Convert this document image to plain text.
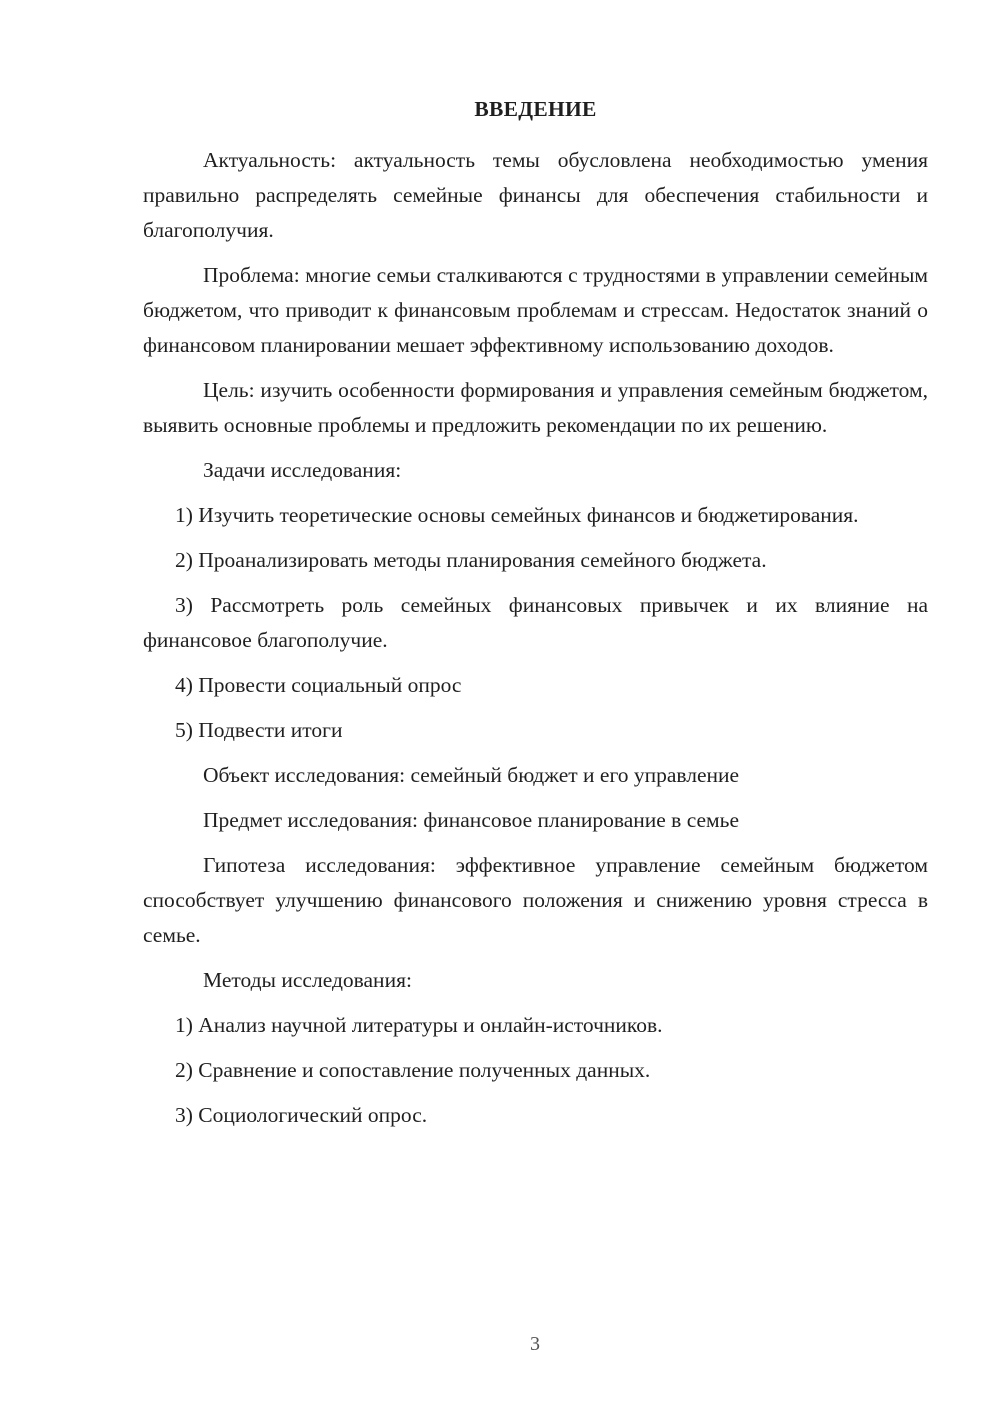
ВВЕДЕНИЕ

Актуальность: актуальность темы обусловлена необходимостью умения правильно распределять семейные финансы для обеспечения стабильности и благополучия.

Проблема: многие семьи сталкиваются с трудностями в управлении семейным бюджетом, что приводит к финансовым проблемам и стрессам. Недостаток знаний о финансовом планировании мешает эффективному использованию доходов.

Цель: изучить особенности формирования и управления семейным бюджетом, выявить основные проблемы и предложить рекомендации по их решению.

Задачи исследования:

1) Изучить теоретические основы семейных финансов и бюджетирования.

2) Проанализировать методы планирования семейного бюджета.

3) Рассмотреть роль семейных финансовых привычек и их влияние на финансовое благополучие.

4) Провести социальный опрос

5) Подвести итоги

Объект исследования: семейный бюджет и его управление

Предмет исследования: финансовое планирование в семье

Гипотеза исследования: эффективное управление семейным бюджетом способствует улучшению финансового положения и снижению уровня стресса в семье.

Методы исследования:

1) Анализ научной литературы и онлайн-источников.

2) Сравнение и сопоставление полученных данных.

3) Социологический опрос.

3
